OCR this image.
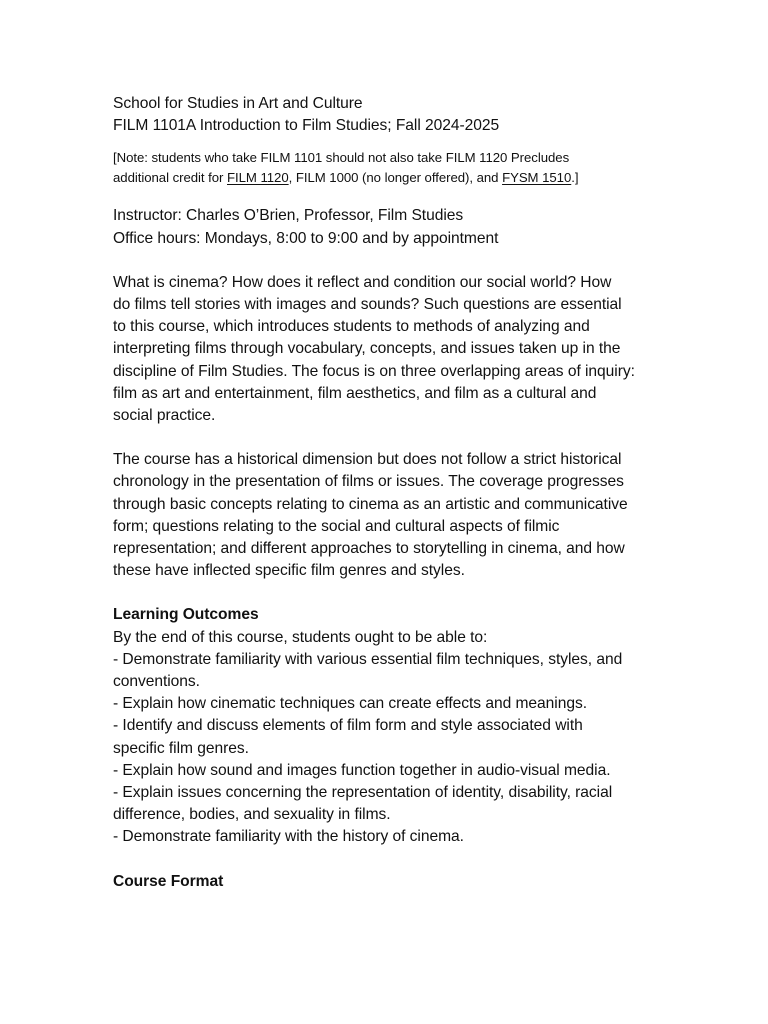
School for Studies in Art and Culture
FILM 1101A Introduction to Film Studies; Fall 2024-2025
[Note: students who take FILM 1101 should not also take FILM 1120 Precludes
additional credit for FILM 1120, FILM 1000 (no longer offered), and FYSM 1510.]
Instructor: Charles O’Brien, Professor, Film Studies
Office hours: Mondays, 8:00 to 9:00 and by appointment
What is cinema? How does it reflect and condition our social world? How
do films tell stories with images and sounds? Such questions are essential
to this course, which introduces students to methods of analyzing and
interpreting films through vocabulary, concepts, and issues taken up in the
discipline of Film Studies. The focus is on three overlapping areas of inquiry:
film as art and entertainment, film aesthetics, and film as a cultural and
social practice.
The course has a historical dimension but does not follow a strict historical
chronology in the presentation of films or issues. The coverage progresses
through basic concepts relating to cinema as an artistic and communicative
form; questions relating to the social and cultural aspects of filmic
representation; and different approaches to storytelling in cinema, and how
these have inflected specific film genres and styles.
Learning Outcomes
By the end of this course, students ought to be able to:
- Demonstrate familiarity with various essential film techniques, styles, and
conventions.
- Explain how cinematic techniques can create effects and meanings.
- Identify and discuss elements of film form and style associated with
specific film genres.
- Explain how sound and images function together in audio-visual media.
- Explain issues concerning the representation of identity, disability, racial
difference, bodies, and sexuality in films.
- Demonstrate familiarity with the history of cinema.
Course Format
